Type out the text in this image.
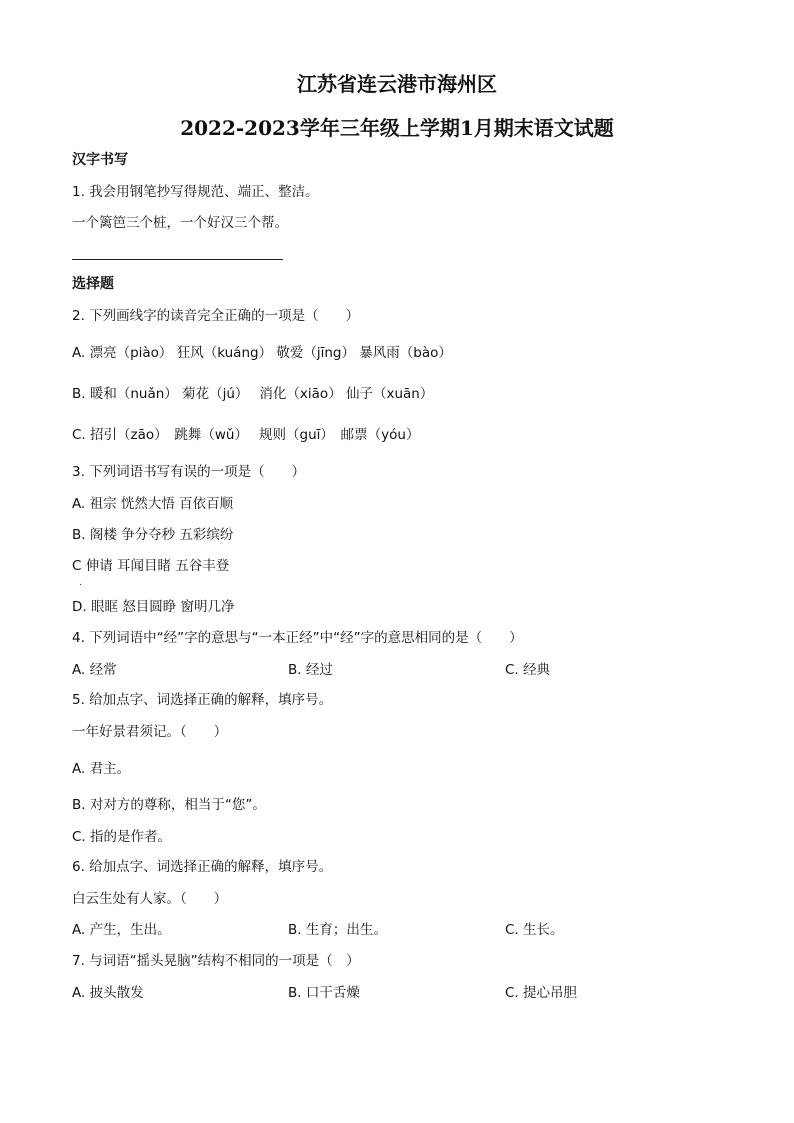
江苏省连云港市海州区
2022-2023学年三年级上学期1月期末语文试题
汉字书写
1. 我会用钢笔抄写得规范、端正、整洁。
一个篱笆三个桩，一个好汉三个帮。
选择题
2. 下列画线字的读音完全正确的一项是（　　）
A. 漂亮（piào） 狂风（kuáng） 敬爱（jīng） 暴风雨（bào）
B. 暖和（nuǎn） 菊花（jú）　 消化（xiāo） 仙子（xuān）
C. 招引（zāo）　跳舞（wǔ）　 规则（guī）　邮票（yóu）
3. 下列词语书写有误的一项是（　　）
A. 祖宗 恍然大悟 百依百顺
B. 阁楼 争分夺秒 五彩缤纷
C 伸请 耳闻目睹 五谷丰登
.
D. 眼眶 怒目圆睁 窗明几净
4. 下列词语中“经”字的意思与“一本正经”中“经”字的意思相同的是（　　）
A. 经常	B. 经过	C. 经典
5. 给加点字、词选择正确的解释，填序号。
一年好景君须记。（　　）
A. 君主。
B. 对对方的尊称，相当于“您”。
C. 指的是作者。
6. 给加点字、词选择正确的解释，填序号。
白云生处有人家。（　　）
A. 产生，生出。	B. 生育；出生。	C. 生长。
7. 与词语“摇头晃脑”结构不相同的一项是（　）
A. 披头散发	B. 口干舌燥	C. 提心吊胆
